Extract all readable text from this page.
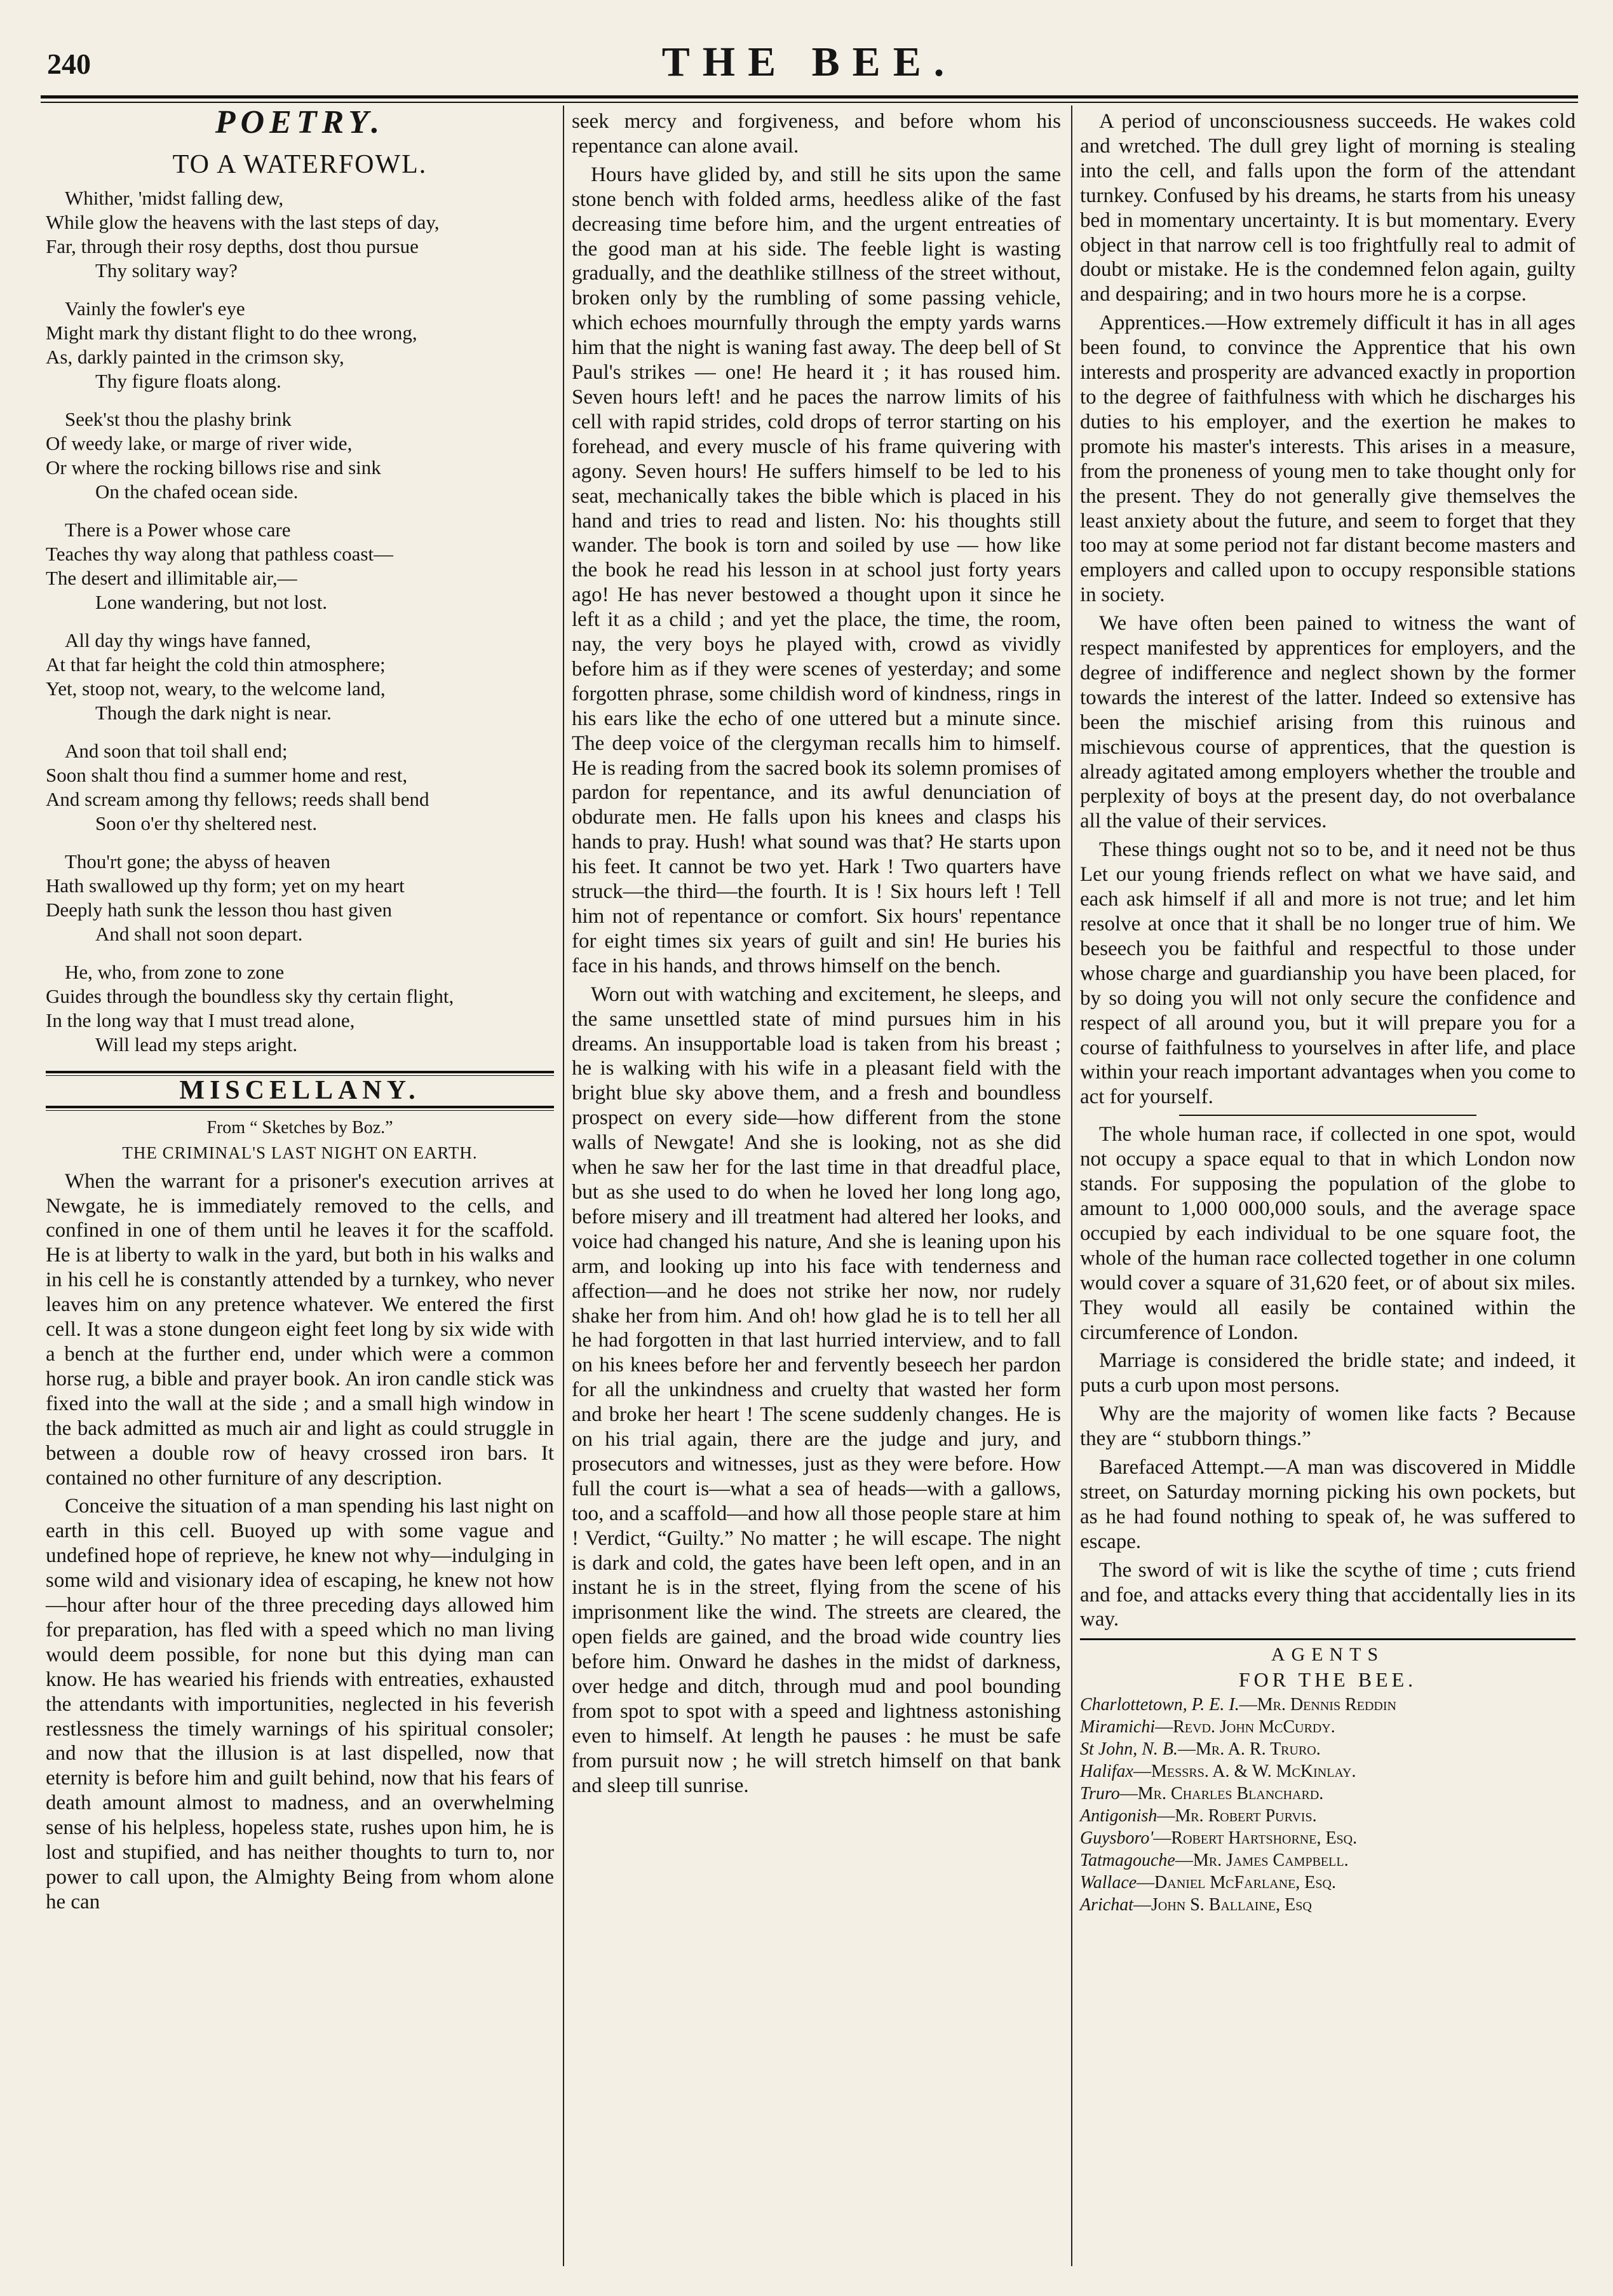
240	THE BEE.
POETRY.
TO A WATERFOWL.
Whither, 'midst falling dew,
While glow the heavens with the last steps of day,
Far, through their rosy depths, dost thou pursue
Thy solitary way?
Vainly the fowler's eye
Might mark thy distant flight to do thee wrong,
As, darkly painted in the crimson sky,
Thy figure floats along.
Seek'st thou the plashy brink
Of weedy lake, or marge of river wide,
Or where the rocking billows rise and sink
On the chafed ocean side.
There is a Power whose care
Teaches thy way along that pathless coast—
The desert and illimitable air,—
Lone wandering, but not lost.
All day thy wings have fanned,
At that far height the cold thin atmosphere;
Yet, stoop not, weary, to the welcome land,
Though the dark night is near.
And soon that toil shall end;
Soon shalt thou find a summer home and rest,
And scream among thy fellows; reeds shall bend
Soon o'er thy sheltered nest.
Thou'rt gone; the abyss of heaven
Hath swallowed up thy form; yet on my heart
Deeply hath sunk the lesson thou hast given
And shall not soon depart.
He, who, from zone to zone
Guides through the boundless sky thy certain flight,
In the long way that I must tread alone,
Will lead my steps aright.
MISCELLANY.
From “ Sketches by Boz.”
THE CRIMINAL'S LAST NIGHT ON EARTH.

When the warrant for a prisoner's execution arrives at Newgate, he is immediately removed to the cells, and confined in one of them until he leaves it for the scaffold. He is at liberty to walk in the yard, but both in his walks and in his cell he is constantly attended by a turnkey, who never leaves him on any pretence whatever. We entered the first cell. It was a stone dungeon eight feet long by six wide with a bench at the further end, under which were a common horse rug, a bible and prayer book. An iron candle stick was fixed into the wall at the side ; and a small high window in the back admitted as much air and light as could struggle in between a double row of heavy crossed iron bars. It contained no other furniture of any description.

Conceive the situation of a man spending his last night on earth in this cell. Buoyed up with some vague and undefined hope of reprieve, he knew not why—indulging in some wild and visionary idea of escaping, he knew not how—hour after hour of the three preceding days allowed him for preparation, has fled with a speed which no man living would deem possible, for none but this dying man can know. He has wearied his friends with entreaties, exhausted the attendants with importunities, neglected in his feverish restlessness the timely warnings of his spiritual consoler; and now that the illusion is at last dispelled, now that eternity is before him and guilt behind, now that his fears of death amount almost to madness, and an overwhelming sense of his helpless, hopeless state, rushes upon him, he is lost and stupified, and has neither thoughts to turn to, nor power to call upon, the Almighty Being from whom alone he can

seek mercy and forgiveness, and before whom his repentance can alone avail.

Hours have glided by, and still he sits upon the same stone bench with folded arms, heedless alike of the fast decreasing time before him, and the urgent entreaties of the good man at his side. The feeble light is wasting gradually, and the deathlike stillness of the street without, broken only by the rumbling of some passing vehicle, which echoes mournfully through the empty yards warns him that the night is waning fast away. The deep bell of St Paul's strikes — one! He heard it ; it has roused him. Seven hours left! and he paces the narrow limits of his cell with rapid strides, cold drops of terror starting on his forehead, and every muscle of his frame quivering with agony. Seven hours! He suffers himself to be led to his seat, mechanically takes the bible which is placed in his hand and tries to read and listen. No: his thoughts still wander. The book is torn and soiled by use — how like the book he read his lesson in at school just forty years ago! He has never bestowed a thought upon it since he left it as a child ; and yet the place, the time, the room, nay, the very boys he played with, crowd as vividly before him as if they were scenes of yesterday; and some forgotten phrase, some childish word of kindness, rings in his ears like the echo of one uttered but a minute since. The deep voice of the clergyman recalls him to himself. He is reading from the sacred book its solemn promises of pardon for repentance, and its awful denunciation of obdurate men. He falls upon his knees and clasps his hands to pray. Hush! what sound was that? He starts upon his feet. It cannot be two yet. Hark ! Two quarters have struck—the third—the fourth. It is ! Six hours left ! Tell him not of repentance or comfort. Six hours' repentance for eight times six years of guilt and sin! He buries his face in his hands, and throws himself on the bench.

Worn out with watching and excitement, he sleeps, and the same unsettled state of mind pursues him in his dreams. An insupportable load is taken from his breast ; he is walking with his wife in a pleasant field with the bright blue sky above them, and a fresh and boundless prospect on every side—how different from the stone walls of Newgate! And she is looking, not as she did when he saw her for the last time in that dreadful place, but as she used to do when he loved her long long ago, before misery and ill treatment had altered her looks, and voice had changed his nature, And she is leaning upon his arm, and looking up into his face with tenderness and affection—and he does not strike her now, nor rudely shake her from him. And oh! how glad he is to tell her all he had forgotten in that last hurried interview, and to fall on his knees before her and fervently beseech her pardon for all the unkindness and cruelty that wasted her form and broke her heart ! The scene suddenly changes. He is on his trial again, there are the judge and jury, and prosecutors and witnesses, just as they were before. How full the court is—what a sea of heads—with a gallows, too, and a scaffold—and how all those people stare at him ! Verdict, “Guilty.” No matter ; he will escape. The night is dark and cold, the gates have been left open, and in an instant he is in the street, flying from the scene of his imprisonment like the wind. The streets are cleared, the open fields are gained, and the broad wide country lies before him. Onward he dashes in the midst of darkness, over hedge and ditch, through mud and pool bounding from spot to spot with a speed and lightness astonishing even to himself. At length he pauses : he must be safe from pursuit now ; he will stretch himself on that bank and sleep till sunrise.

A period of unconsciousness succeeds. He wakes cold and wretched. The dull grey light of morning is stealing into the cell, and falls upon the form of the attendant turnkey. Confused by his dreams, he starts from his uneasy bed in momentary uncertainty. It is but momentary. Every object in that narrow cell is too frightfully real to admit of doubt or mistake. He is the condemned felon again, guilty and despairing; and in two hours more he is a corpse.

Apprentices.—How extremely difficult it has in all ages been found, to convince the Apprentice that his own interests and prosperity are advanced exactly in proportion to the degree of faithfulness with which he discharges his duties to his employer, and the exertion he makes to promote his master's interests. This arises in a measure, from the proneness of young men to take thought only for the present. They do not generally give themselves the least anxiety about the future, and seem to forget that they too may at some period not far distant become masters and employers and called upon to occupy responsible stations in society.

We have often been pained to witness the want of respect manifested by apprentices for employers, and the degree of indifference and neglect shown by the former towards the interest of the latter. Indeed so extensive has been the mischief arising from this ruinous and mischievous course of apprentices, that the question is already agitated among employers whether the trouble and perplexity of boys at the present day, do not overbalance all the value of their services.

These things ought not so to be, and it need not be thus Let our young friends reflect on what we have said, and each ask himself if all and more is not true; and let him resolve at once that it shall be no longer true of him. We beseech you be faithful and respectful to those under whose charge and guardianship you have been placed, for by so doing you will not only secure the confidence and respect of all around you, but it will prepare you for a course of faithfulness to yourselves in after life, and place within your reach important advantages when you come to act for yourself.

The whole human race, if collected in one spot, would not occupy a space equal to that in which London now stands. For supposing the population of the globe to amount to 1,000 000,000 souls, and the average space occupied by each individual to be one square foot, the whole of the human race collected together in one column would cover a square of 31,620 feet, or of about six miles. They would all easily be contained within the circumference of London.

Marriage is considered the bridle state; and indeed, it puts a curb upon most persons.

Why are the majority of women like facts ? Because they are “ stubborn things.”

Barefaced Attempt.—A man was discovered in Middle street, on Saturday morning picking his own pockets, but as he had found nothing to speak of, he was suffered to escape.

The sword of wit is like the scythe of time ; cuts friend and foe, and attacks every thing that accidentally lies in its way.

AGENTS
FOR THE BEE.
Charlottetown, P. E. I.—Mr. Dennis Reddin
Miramichi—Revd. John McCurdy.
St John, N. B.—Mr. A. R. Truro.
Halifax—Messrs. A. & W. McKinlay.
Truro—Mr. Charles Blanchard.
Antigonish—Mr. Robert Purvis.
Guysboro'—Robert Hartshorne, Esq.
Tatmagouche—Mr. James Campbell.
Wallace—Daniel McFarlane, Esq.
Arichat—John S. Ballaine, Esq
